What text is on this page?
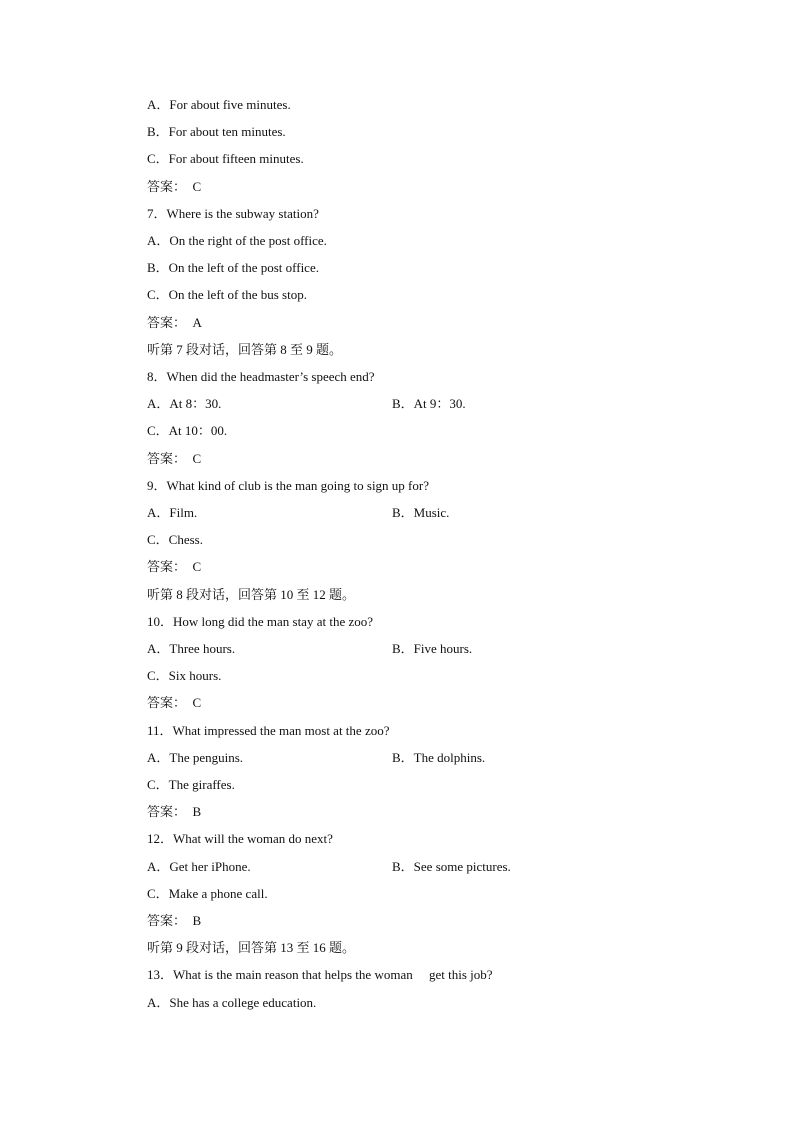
A．For about five minutes.
B．For about ten minutes.
C．For about fifteen minutes.
答案：　C
7．Where is the subway station?
A．On the right of the post office.
B．On the left of the post office.
C．On the left of the bus stop.
答案：　A
听第 7 段对话，回答第 8 至 9 题。
8．When did the headmaster’s speech end?
A．At 8：30.	B．At 9：30.
C．At 10：00.
答案：　C
9．What kind of club is the man going to sign up for?
A．Film.	B．Music.
C．Chess.
答案：　C
听第 8 段对话，回答第 10 至 12 题。
10．How long did the man stay at the zoo?
A．Three hours.	B．Five hours.
C．Six hours.
答案：　C
11．What impressed the man most at the zoo?
A．The penguins.	B．The dolphins.
C．The giraffes.
答案：　B
12．What will the woman do next?
A．Get her iPhone.	B．See some pictures.
C．Make a phone call.
答案：　B
听第 9 段对话，回答第 13 至 16 题。
13．What is the main reason that helps the woman　 get this job?
A．She has a college education.
